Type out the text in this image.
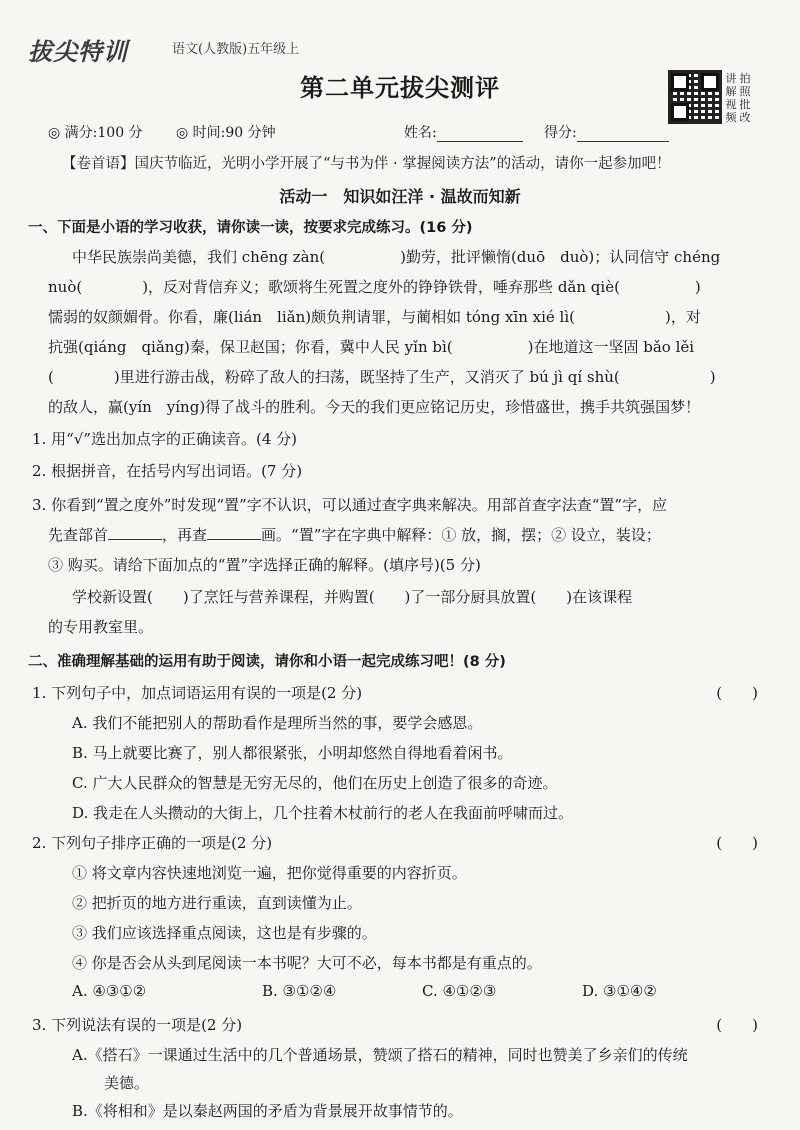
拔尖特训	语文(人教版)五年级上
第二单元拔尖测评	讲 拍
解 照
视 批
频 改
◎ 满分:100 分 ◎ 时间:90 分钟	姓名:	得分:
【卷首语】国庆节临近，光明小学开展了“与书为伴 · 掌握阅读方法”的活动，请你一起参加吧！
活动一　知识如汪洋 · 温故而知新
一、下面是小语的学习收获，请你读一读，按要求完成练习。(16 分)
中华民族崇尚美德，我们 chēng zàn(　　　　　)勤劳，批评懒惰(duō　duò)；认同信守 chéng
nuò(　　　　)，反对背信弃义；歌颂将生死置之度外的铮铮铁骨，唾弃那些 dǎn qiè(　　　　　)
懦弱的奴颜媚骨。你看，廉(lián　liǎn)颇负荆请罪，与蔺相如 tóng xīn xié lì(　　　　　　)，对
抗强(qiáng　qiǎng)秦，保卫赵国；你看，冀中人民 yǐn bì(　　　　　)在地道这一坚固 bǎo lěi
(　　　　)里进行游击战，粉碎了敌人的扫荡，既坚持了生产，又消灭了 bú jì qí shù(　　　　　　)
的敌人，赢(yín　yíng)得了战斗的胜利。今天的我们更应铭记历史，珍惜盛世，携手共筑强国梦！
1. 用“√”选出加点字的正确读音。(4 分)
2. 根据拼音，在括号内写出词语。(7 分)
3. 你看到“置之度外”时发现“置”字不认识，可以通过查字典来解决。用部首查字法查“置”字，应
先查部首	，再查	画。“置”字在字典中解释：① 放，搁，摆；② 设立，装设；
③ 购买。请给下面加点的“置”字选择正确的解释。(填序号)(5 分)
学校新设置(　　)了烹饪与营养课程，并购置(　　)了一部分厨具放置(　　)在该课程
的专用教室里。
二、准确理解基础的运用有助于阅读，请你和小语一起完成练习吧！(8 分)
1. 下列句子中，加点词语运用有误的一项是(2 分)	(　　)
A. 我们不能把别人的帮助看作是理所当然的事，要学会感恩。
B. 马上就要比赛了，别人都很紧张，小明却悠然自得地看着闲书。
C. 广大人民群众的智慧是无穷无尽的，他们在历史上创造了很多的奇迹。
D. 我走在人头攒动的大街上，几个拄着木杖前行的老人在我面前呼啸而过。
2. 下列句子排序正确的一项是(2 分)	(　　)
① 将文章内容快速地浏览一遍，把你觉得重要的内容折页。
② 把折页的地方进行重读，直到读懂为止。
③ 我们应该选择重点阅读，这也是有步骤的。
④ 你是否会从头到尾阅读一本书呢？大可不必，每本书都是有重点的。
A. ④③①②	B. ③①②④	C. ④①②③	D. ③①④②
3. 下列说法有误的一项是(2 分)	(　　)
A.《搭石》一课通过生活中的几个普通场景，赞颂了搭石的精神，同时也赞美了乡亲们的传统
美德。
B.《将相和》是以秦赵两国的矛盾为背景展开故事情节的。
